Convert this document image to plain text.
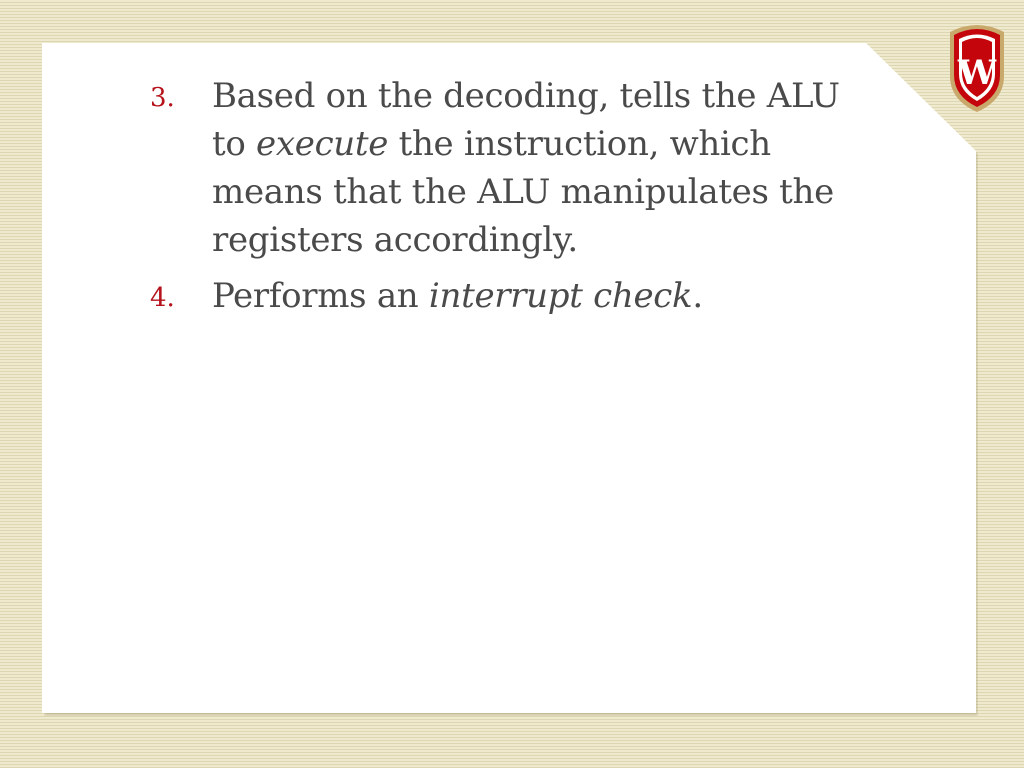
3.	Based on the decoding, tells the ALU to execute the instruction, which means that the ALU manipulates the registers accordingly.
4.	Performs an interrupt check.
W
